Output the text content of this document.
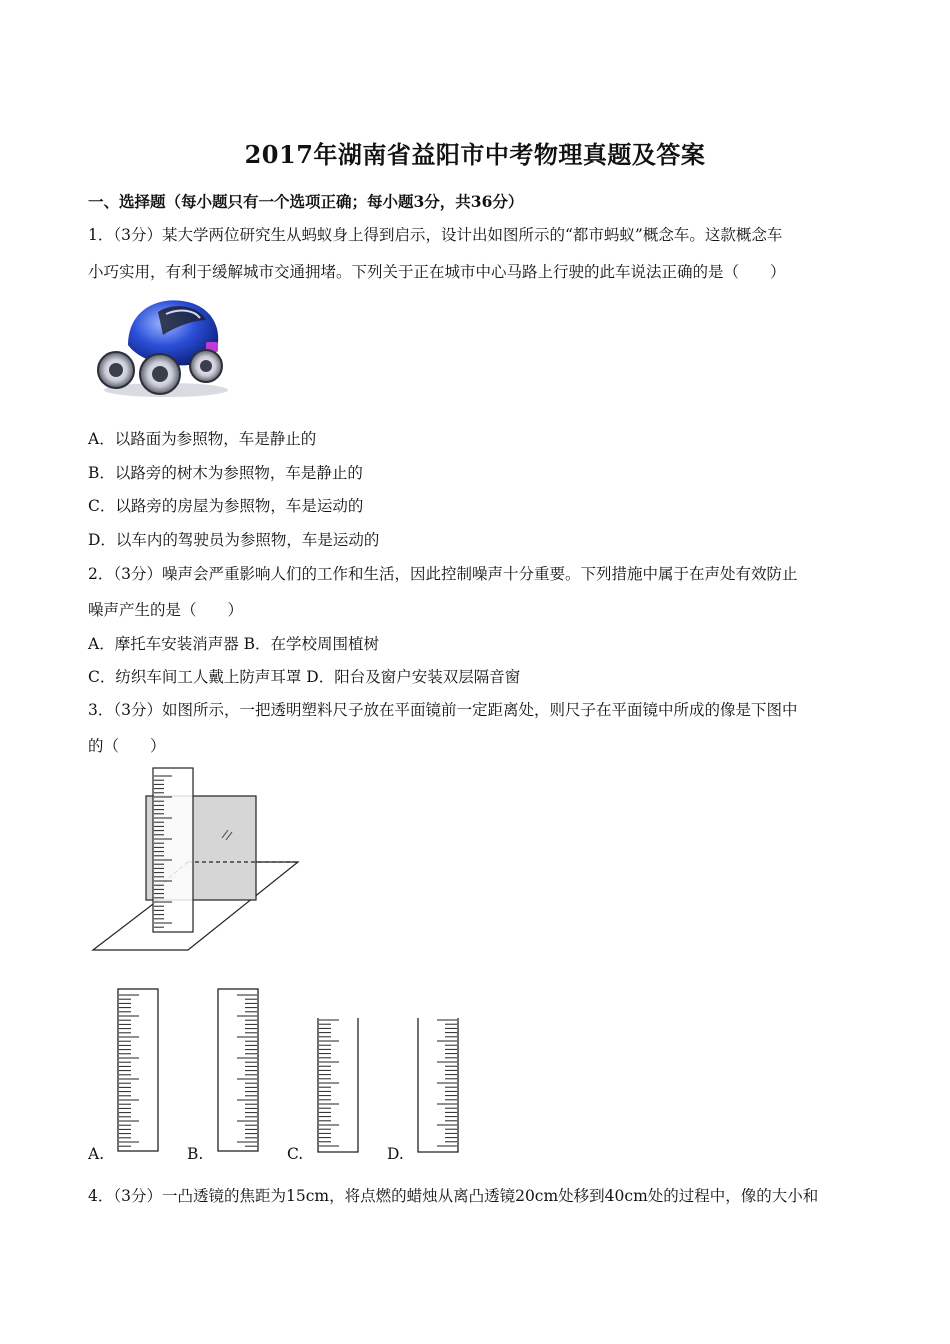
2017年湖南省益阳市中考物理真题及答案
一、选择题（每小题只有一个选项正确；每小题3分，共36分）
1．（3分）某大学两位研究生从蚂蚁身上得到启示，设计出如图所示的“都市蚂蚁”概念车。这款概念车
小巧实用，有利于缓解城市交通拥堵。下列关于正在城市中心马路上行驶的此车说法正确的是（　　）
A．以路面为参照物，车是静止的
B．以路旁的树木为参照物，车是静止的
C．以路旁的房屋为参照物，车是运动的
D．以车内的驾驶员为参照物，车是运动的
2．（3分）噪声会严重影响人们的工作和生活，因此控制噪声十分重要。下列措施中属于在声处有效防止
噪声产生的是（　　）
A．摩托车安装消声器 B．在学校周围植树
C．纺织车间工人戴上防声耳罩 D．阳台及窗户安装双层隔音窗
3．（3分）如图所示，一把透明塑料尺子放在平面镜前一定距离处，则尺子在平面镜中所成的像是下图中
的（　　）
A.	B.	C.	D.
4．（3分）一凸透镜的焦距为15cm，将点燃的蜡烛从离凸透镜20cm处移到40cm处的过程中，像的大小和
